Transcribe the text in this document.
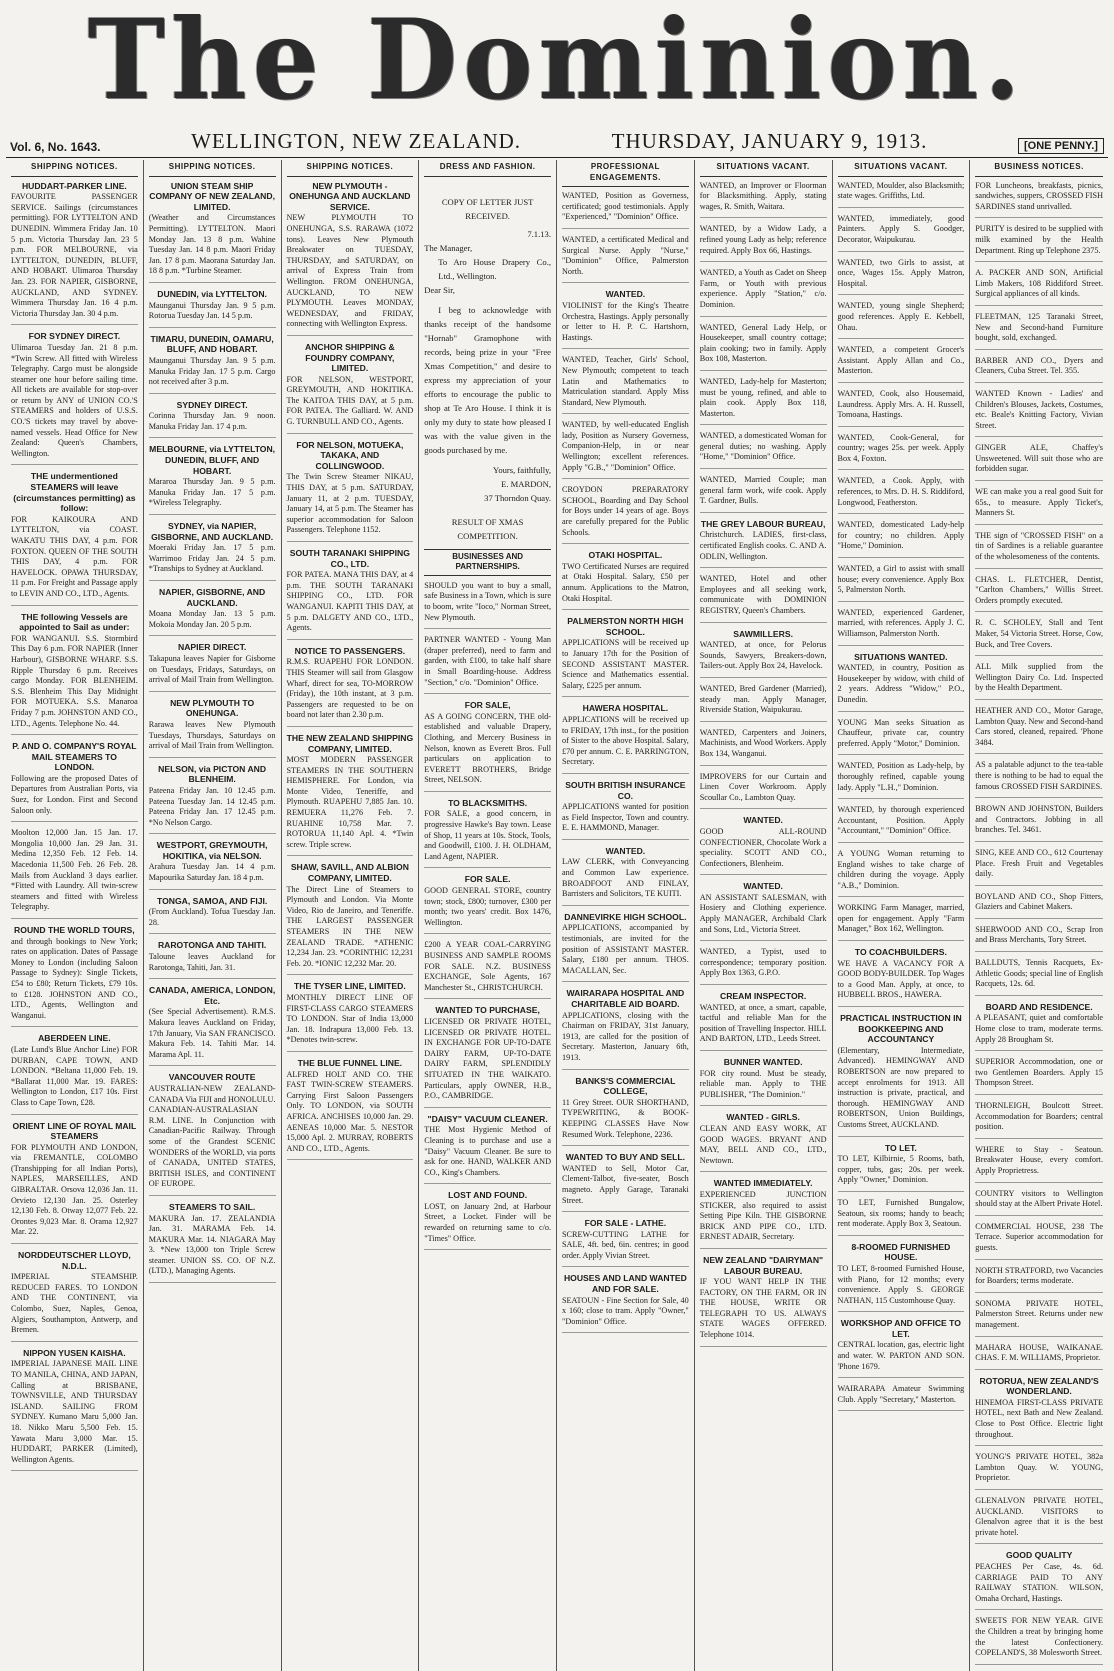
The Dominion.
Vol. 6, No. 1643.	WELLINGTON, NEW ZEALAND.	THURSDAY, JANUARY 9, 1913.	[ONE PENNY.]
SHIPPING NOTICES.
HUDDART-PARKER LINE.
FAVOURITE PASSENGER SERVICE. Sailings (circumstances permitting). FOR LYTTELTON AND DUNEDIN. Wimmera Friday Jan. 10 5 p.m. Victoria Thursday Jan. 23 5 p.m. FOR MELBOURNE, via LYTTELTON, DUNEDIN, BLUFF, AND HOBART. Ulimaroa Thursday Jan. 23. FOR NAPIER, GISBORNE, AUCKLAND, AND SYDNEY. Wimmera Thursday Jan. 16 4 p.m. Victoria Thursday Jan. 30 4 p.m.
FOR SYDNEY DIRECT.
Ulimaroa Tuesday Jan. 21 8 p.m. *Twin Screw. All fitted with Wireless Telegraphy. Cargo must be alongside steamer one hour before sailing time. All tickets are available for stop-over or return by ANY of UNION CO.'S STEAMERS and holders of U.S.S. CO.'S tickets may travel by above-named vessels. Head Office for New Zealand: Queen's Chambers, Wellington.
THE undermentioned STEAMERS will leave (circumstances permitting) as follow:
FOR KAIKOURA AND LYTTELTON, via COAST. WAKATU THIS DAY, 4 p.m. FOR FOXTON. QUEEN OF THE SOUTH THIS DAY, 4 p.m. FOR HAVELOCK. OPAWA THURSDAY, 11 p.m. For Freight and Passage apply to LEVIN AND CO., LTD., Agents.
THE following Vessels are appointed to Sail as under:
FOR WANGANUI. S.S. Stormbird This Day 6 p.m. FOR NAPIER (Inner Harbour), GISBORNE WHARF. S.S. Ripple Thursday 6 p.m. Receives cargo Monday. FOR BLENHEIM. S.S. Blenheim This Day Midnight FOR MOTUEKA. S.S. Manaroa Friday 7 p.m. JOHNSTON AND CO., LTD., Agents. Telephone No. 44.
P. AND O. COMPANY'S ROYAL MAIL STEAMERS TO LONDON.
Following are the proposed Dates of Departures from Australian Ports, via Suez, for London. First and Second Saloon only.
Moolton 12,000 Jan. 15 Jan. 17. Mongolia 10,000 Jan. 29 Jan. 31. Medina 12,350 Feb. 12 Feb. 14. Macedonia 11,500 Feb. 26 Feb. 28. Mails from Auckland 3 days earlier. *Fitted with Laundry. All twin-screw steamers and fitted with Wireless Telegraphy.
ROUND THE WORLD TOURS,
and through bookings to New York; rates on application. Dates of Passage Money to London (including Saloon Passage to Sydney): Single Tickets, £54 to £80; Return Tickets, £79 10s. to £128. JOHNSTON AND CO., LTD., Agents, Wellington and Wanganui.
ABERDEEN LINE.
(Late Lund's Blue Anchor Line) FOR DURBAN, CAPE TOWN, AND LONDON. *Beltana 11,000 Feb. 19. *Ballarat 11,000 Mar. 19. FARES: Wellington to London, £17 10s. First Class to Cape Town, £28.
ORIENT LINE OF ROYAL MAIL STEAMERS
FOR PLYMOUTH AND LONDON, via FREMANTLE, COLOMBO (Transhipping for all Indian Ports), NAPLES, MARSEILLES, AND GIBRALTAR. Orsova 12,036 Jan. 11. Orvieto 12,130 Jan. 25. Osterley 12,130 Feb. 8. Otway 12,077 Feb. 22. Orontes 9,023 Mar. 8. Orama 12,927 Mar. 22.
NORDDEUTSCHER LLOYD, N.D.L.
IMPERIAL STEAMSHIP. REDUCED FARES. TO LONDON AND THE CONTINENT, via Colombo, Suez, Naples, Genoa, Algiers, Southampton, Antwerp, and Bremen.
NIPPON YUSEN KAISHA.
IMPERIAL JAPANESE MAIL LINE TO MANILA, CHINA, AND JAPAN, Calling at BRISBANE, TOWNSVILLE, AND THURSDAY ISLAND. SAILING FROM SYDNEY. Kumano Maru 5,000 Jan. 18. Nikko Maru 5,500 Feb. 15. Yawata Maru 3,000 Mar. 15. HUDDART, PARKER (Limited), Wellington Agents.
SHIPPING NOTICES.
UNION STEAM SHIP COMPANY OF NEW ZEALAND, LIMITED.
(Weather and Circumstances Permitting). LYTTELTON. Maori Monday Jan. 13 8 p.m. Wahine Tuesday Jan. 14 8 p.m. Maori Friday Jan. 17 8 p.m. Maorana Saturday Jan. 18 8 p.m. *Turbine Steamer.
DUNEDIN, via LYTTELTON.
Maunganui Thursday Jan. 9 5 p.m. Rotorua Tuesday Jan. 14 5 p.m.
TIMARU, DUNEDIN, OAMARU, BLUFF, AND HOBART.
Maunganui Thursday Jan. 9 5 p.m. Manuka Friday Jan. 17 5 p.m. Cargo not received after 3 p.m.
SYDNEY DIRECT.
Corinna Thursday Jan. 9 noon. Manuka Friday Jan. 17 4 p.m.
MELBOURNE, via LYTTELTON, DUNEDIN, BLUFF, AND HOBART.
Mararoa Thursday Jan. 9 5 p.m. Manuka Friday Jan. 17 5 p.m. *Wireless Telegraphy.
SYDNEY, via NAPIER, GISBORNE, AND AUCKLAND.
Moeraki Friday Jan. 17 5 p.m. Warrimoo Friday Jan. 24 5 p.m. *Tranships to Sydney at Auckland.
NAPIER, GISBORNE, AND AUCKLAND.
Moana Monday Jan. 13 5 p.m. Mokoia Monday Jan. 20 5 p.m.
NAPIER DIRECT.
Takapuna leaves Napier for Gisborne on Tuesdays, Fridays, Saturdays, on arrival of Mail Train from Wellington.
NEW PLYMOUTH TO ONEHUNGA.
Rarawa leaves New Plymouth Tuesdays, Thursdays, Saturdays on arrival of Mail Train from Wellington.
NELSON, via PICTON AND BLENHEIM.
Pateena Friday Jan. 10 12.45 p.m. Pateena Tuesday Jan. 14 12.45 p.m. Pateena Friday Jan. 17 12.45 p.m. *No Nelson Cargo.
WESTPORT, GREYMOUTH, HOKITIKA, via NELSON.
Arahura Tuesday Jan. 14 4 p.m. Mapourika Saturday Jan. 18 4 p.m.
TONGA, SAMOA, AND FIJI.
(From Auckland). Tofua Tuesday Jan. 28.
RAROTONGA AND TAHITI.
Taloune leaves Auckland for Rarotonga, Tahiti, Jan. 31.
CANADA, AMERICA, LONDON, Etc.
(See Special Advertisement). R.M.S. Makura leaves Auckland on Friday, 17th January, Via SAN FRANCISCO. Makura Feb. 14. Tahiti Mar. 14. Marama Apl. 11.
VANCOUVER ROUTE
AUSTRALIAN-NEW ZEALAND-CANADA Via FIJI and HONOLULU. CANADIAN-AUSTRALASIAN R.M. LINE. In Conjunction with Canadian-Pacific Railway. Through some of the Grandest SCENIC WONDERS of the WORLD, via ports of CANADA, UNITED STATES, BRITISH ISLES, and CONTINENT OF EUROPE.
STEAMERS TO SAIL.
MAKURA Jan. 17. ZEALANDIA Jan. 31. MARAMA Feb. 14. MAKURA Mar. 14. NIAGARA May 3. *New 13,000 ton Triple Screw steamer. UNION SS. CO. OF N.Z. (LTD.), Managing Agents.
SHIPPING NOTICES.
NEW PLYMOUTH - ONEHUNGA AND AUCKLAND SERVICE.
NEW PLYMOUTH TO ONEHUNGA, S.S. RARAWA (1072 tons). Leaves New Plymouth Breakwater on TUESDAY, THURSDAY, and SATURDAY, on arrival of Express Train from Wellington. FROM ONEHUNGA, AUCKLAND, TO NEW PLYMOUTH. Leaves MONDAY, WEDNESDAY, and FRIDAY, connecting with Wellington Express.
ANCHOR SHIPPING & FOUNDRY COMPANY, LIMITED.
FOR NELSON, WESTPORT, GREYMOUTH, AND HOKITIKA. The KAITOA THIS DAY, at 5 p.m. FOR PATEA. The Galliard. W. AND G. TURNBULL AND CO., Agents.
FOR NELSON, MOTUEKA, TAKAKA, AND COLLINGWOOD.
The Twin Screw Steamer NIKAU, THIS DAY, at 5 p.m. SATURDAY, January 11, at 2 p.m. TUESDAY, January 14, at 5 p.m. The Steamer has superior accommodation for Saloon Passengers. Telephone 1152.
SOUTH TARANAKI SHIPPING CO., LTD.
FOR PATEA. MANA THIS DAY, at 4 p.m. THE SOUTH TARANAKI SHIPPING CO., LTD. FOR WANGANUI. KAPITI THIS DAY, at 5 p.m. DALGETY AND CO., LTD., Agents.
NOTICE TO PASSENGERS.
R.M.S. RUAPEHU FOR LONDON. THIS Steamer will sail from Glasgow Wharf, direct for sea, TO-MORROW (Friday), the 10th instant, at 3 p.m. Passengers are requested to be on board not later than 2.30 p.m.
THE NEW ZEALAND SHIPPING COMPANY, LIMITED.
MOST MODERN PASSENGER STEAMERS IN THE SOUTHERN HEMISPHERE. For London, via Monte Video, Teneriffe, and Plymouth. RUAPEHU 7,885 Jan. 10. REMUERA 11,276 Feb. 7. RUAHINE 10,758 Mar. 7. ROTORUA 11,140 Apl. 4. *Twin screw. Triple screw.
SHAW, SAVILL, AND ALBION COMPANY, LIMITED.
The Direct Line of Steamers to Plymouth and London. Via Monte Video, Rio de Janeiro, and Teneriffe. THE LARGEST PASSENGER STEAMERS IN THE NEW ZEALAND TRADE. *ATHENIC 12,234 Jan. 23. *CORINTHIC 12,231 Feb. 20. *IONIC 12,232 Mar. 20.
THE TYSER LINE, LIMITED.
MONTHLY DIRECT LINE OF FIRST-CLASS CARGO STEAMERS TO LONDON. Star of India 13,000 Jan. 18. Indrapura 13,000 Feb. 13. *Denotes twin-screw.
THE BLUE FUNNEL LINE.
ALFRED HOLT AND CO. THE FAST TWIN-SCREW STEAMERS. Carrying First Saloon Passengers Only. TO LONDON, via SOUTH AFRICA. ANCHISES 10,000 Jan. 29. AENEAS 10,000 Mar. 5. NESTOR 15,000 Apl. 2. MURRAY, ROBERTS AND CO., LTD., Agents.
DRESS AND FASHION.
COPY OF LETTER JUST RECEIVED.
7.1.13.
The Manager,
To Aro House Drapery Co., Ltd., Wellington.
Dear Sir,

I beg to acknowledge with thanks receipt of the handsome "Hornab" Gramophone with records, being prize in your "Free Xmas Competition," and desire to express my appreciation of your efforts to encourage the public to shop at Te Aro House. I think it is only my duty to state how pleased I was with the value given in the goods purchased by me.

Yours, faithfully,
E. MARDON,
37 Thorndon Quay.
RESULT OF XMAS COMPETITION.
BUSINESSES AND PARTNERSHIPS.
SHOULD you want to buy a small, safe Business in a Town, which is sure to boom, write "Ioco," Norman Street, New Plymouth.
PARTNER WANTED - Young Man (draper preferred), need to farm and garden, with £100, to take half share in Small Boarding-house. Address "Section," c/o. "Dominion" Office.
FOR SALE,
AS A GOING CONCERN, THE old-established and valuable Drapery, Clothing, and Mercery Business in Nelson, known as Everett Bros. Full particulars on application to EVERETT BROTHERS, Bridge Street, NELSON.
TO BLACKSMITHS.
FOR SALE, a good concern, in progressive Hawke's Bay town. Lease of Shop, 11 years at 10s. Stock, Tools, and Goodwill, £100. J. H. OLDHAM, Land Agent, NAPIER.
FOR SALE.
GOOD GENERAL STORE, country town; stock, £800; turnover, £300 per month; two years' credit. Box 1476, Wellington.
£200 A YEAR COAL-CARRYING BUSINESS AND SAMPLE ROOMS FOR SALE. N.Z. BUSINESS EXCHANGE, Sole Agents, 167 Manchester St., CHRISTCHURCH.
WANTED TO PURCHASE,
LICENSED OR PRIVATE HOTEL, LICENSED OR PRIVATE HOTEL. IN EXCHANGE FOR UP-TO-DATE DAIRY FARM, UP-TO-DATE DAIRY FARM, SPLENDIDLY SITUATED IN THE WAIKATO. Particulars, apply OWNER, H.B., P.O., CAMBRIDGE.
"DAISY" VACUUM CLEANER.
THE Most Hygienic Method of Cleaning is to purchase and use a "Daisy" Vacuum Cleaner. Be sure to ask for one. HAND, WALKER AND CO., King's Chambers.
LOST AND FOUND.
LOST, on January 2nd, at Harbour Street, a Locket. Finder will be rewarded on returning same to c/o. "Times" Office.
PROFESSIONAL ENGAGEMENTS.
WANTED, Position as Governess, certificated; good testimonials. Apply "Experienced," "Dominion" Office.
WANTED, a certificated Medical and Surgical Nurse. Apply "Nurse," "Dominion" Office, Palmerston North.
WANTED.
VIOLINIST for the King's Theatre Orchestra, Hastings. Apply personally or letter to H. P. C. Hartshorn, Hastings.
WANTED, Teacher, Girls' School, New Plymouth; competent to teach Latin and Mathematics to Matriculation standard. Apply Miss Standard, New Plymouth.
WANTED, by well-educated English lady, Position as Nursery Governess, Companion-Help, in or near Wellington; excellent references. Apply "G.B.," "Dominion" Office.
CROYDON PREPARATORY SCHOOL, Boarding and Day School for Boys under 14 years of age. Boys are carefully prepared for the Public Schools.
OTAKI HOSPITAL.
TWO Certificated Nurses are required at Otaki Hospital. Salary, £50 per annum. Applications to the Matron, Otaki Hospital.
PALMERSTON NORTH HIGH SCHOOL.
APPLICATIONS will be received up to January 17th for the Position of SECOND ASSISTANT MASTER. Science and Mathematics essential. Salary, £225 per annum.
HAWERA HOSPITAL.
APPLICATIONS will be received up to FRIDAY, 17th inst., for the position of Sister to the above Hospital. Salary, £70 per annum. C. E. PARRINGTON, Secretary.
SOUTH BRITISH INSURANCE CO.
APPLICATIONS wanted for position as Field Inspector, Town and country. E. E. HAMMOND, Manager.
WANTED.
LAW CLERK, with Conveyancing and Common Law experience. BROADFOOT AND FINLAY, Barristers and Solicitors, TE KUITI.
DANNEVIRKE HIGH SCHOOL.
APPLICATIONS, accompanied by testimonials, are invited for the position of ASSISTANT MASTER. Salary, £180 per annum. THOS. MACALLAN, Sec.
WAIRARAPA HOSPITAL AND CHARITABLE AID BOARD.
APPLICATIONS, closing with the Chairman on FRIDAY, 31st January, 1913, are called for the position of Secretary. Masterton, January 6th, 1913.
BANKS'S COMMERCIAL COLLEGE,
11 Grey Street. OUR SHORTHAND, TYPEWRITING, & BOOK-KEEPING CLASSES Have Now Resumed Work. Telephone, 2236.
WANTED TO BUY AND SELL.
WANTED to Sell, Motor Car, Clement-Talbot, five-seater, Bosch magneto. Apply Garage, Taranaki Street.
FOR SALE - LATHE.
SCREW-CUTTING LATHE for SALE, 4ft. bed, 6in. centres; in good order. Apply Vivian Street.
HOUSES AND LAND WANTED AND FOR SALE.
SEATOUN - Fine Section for Sale, 40 x 160; close to tram. Apply "Owner," "Dominion" Office.
SITUATIONS VACANT.
WANTED, an Improver or Floorman for Blacksmithing. Apply, stating wages, R. Smith, Waitara.
WANTED, by a Widow Lady, a refined young Lady as help; reference required. Apply Box 66, Hastings.
WANTED, a Youth as Cadet on Sheep Farm, or Youth with previous experience. Apply "Station," c/o. Dominion.
WANTED, General Lady Help, or Housekeeper, small country cottage; plain cooking; two in family. Apply Box 108, Masterton.
WANTED, Lady-help for Masterton; must be young, refined, and able to plain cook. Apply Box 118, Masterton.
WANTED, a domesticated Woman for general duties; no washing. Apply "Home," "Dominion" Office.
WANTED, Married Couple; man general farm work, wife cook. Apply T. Gardner, Bulls.
THE GREY LABOUR BUREAU,
Christchurch. LADIES, first-class, certificated English cooks. C. AND A. ODLIN, Wellington.
WANTED, Hotel and other Employees and all seeking work, communicate with DOMINION REGISTRY, Queen's Chambers.
SAWMILLERS.
WANTED, at once, for Pelorus Sounds, Sawyers, Breakers-down, Tailers-out. Apply Box 24, Havelock.
WANTED, Bred Gardener (Married), steady man. Apply Manager, Riverside Station, Waipukurau.
WANTED, Carpenters and Joiners, Machinists, and Wood Workers. Apply Box 134, Wanganui.
IMPROVERS for our Curtain and Linen Cover Workroom. Apply Scoullar Co., Lambton Quay.
WANTED.
GOOD ALL-ROUND CONFECTIONER, Chocolate Work a speciality. SCOTT AND CO., Confectioners, Blenheim.
WANTED.
AN ASSISTANT SALESMAN, with Hosiery and Clothing experience. Apply MANAGER, Archibald Clark and Sons, Ltd., Victoria Street.
WANTED, a Typist, used to correspondence; temporary position. Apply Box 1363, G.P.O.
CREAM INSPECTOR.
WANTED, at once, a smart, capable, tactful and reliable Man for the position of Travelling Inspector. HILL AND BARTON, LTD., Leeds Street.
BUNNER WANTED.
FOR city round. Must be steady, reliable man. Apply to THE PUBLISHER, "The Dominion."
WANTED - GIRLS.
CLEAN AND EASY WORK, AT GOOD WAGES. BRYANT AND MAY, BELL AND CO., LTD., Newtown.
WANTED IMMEDIATELY.
EXPERIENCED JUNCTION STICKER, also required to assist Setting Pipe Kiln. THE GISBORNE BRICK AND PIPE CO., LTD. ERNEST ADAIR, Secretary.
NEW ZEALAND "DAIRYMAN" LABOUR BUREAU.
IF YOU WANT HELP IN THE FACTORY, ON THE FARM, OR IN THE HOUSE, WRITE OR TELEGRAPH TO US. ALWAYS STATE WAGES OFFERED. Telephone 1014.
SITUATIONS VACANT.
WANTED, Moulder, also Blacksmith; state wages. Griffiths, Ltd.
WANTED, immediately, good Painters. Apply S. Goodger, Decorator, Waipukurau.
WANTED, two Girls to assist, at once, Wages 15s. Apply Matron, Hospital.
WANTED, young single Shepherd; good references. Apply E. Kebbell, Ohau.
WANTED, a competent Grocer's Assistant. Apply Allan and Co., Masterton.
WANTED, Cook, also Housemaid, Laundress. Apply Mrs. A. H. Russell, Tomoana, Hastings.
WANTED, Cook-General, for country; wages 25s. per week. Apply Box 4, Foxton.
WANTED, a Cook. Apply, with references, to Mrs. D. H. S. Riddiford, Longwood, Featherston.
WANTED, domesticated Lady-help for country; no children. Apply "Home," Dominion.
WANTED, a Girl to assist with small house; every convenience. Apply Box 5, Palmerston North.
WANTED, experienced Gardener, married, with references. Apply J. C. Williamson, Palmerston North.
SITUATIONS WANTED.
WANTED, in country, Position as Housekeeper by widow, with child of 2 years. Address "Widow," P.O., Dunedin.
YOUNG Man seeks Situation as Chauffeur, private car, country preferred. Apply "Motor," Dominion.
WANTED, Position as Lady-help, by thoroughly refined, capable young lady. Apply "L.H.," Dominion.
WANTED, by thorough experienced Accountant, Position. Apply "Accountant," "Dominion" Office.
A YOUNG Woman returning to England wishes to take charge of children during the voyage. Apply "A.B.," Dominion.
WORKING Farm Manager, married, open for engagement. Apply "Farm Manager," Box 162, Wellington.
TO COACHBUILDERS.
WE HAVE A VACANCY FOR A GOOD BODY-BUILDER. Top Wages to a Good Man. Apply, at once, to HUBBELL BROS., HAWERA.
PRACTICAL INSTRUCTION IN BOOKKEEPING AND ACCOUNTANCY
(Elementary, Intermediate, Advanced). HEMINGWAY AND ROBERTSON are now prepared to accept enrolments for 1913. All instruction is private, practical, and thorough. HEMINGWAY AND ROBERTSON, Union Buildings, Customs Street, AUCKLAND.
TO LET.
TO LET, Kilbirnie, 5 Rooms, bath, copper, tubs, gas; 20s. per week. Apply "Owner," Dominion.
TO LET, Furnished Bungalow, Seatoun, six rooms; handy to beach; rent moderate. Apply Box 3, Seatoun.
8-ROOMED FURNISHED HOUSE.
TO LET, 8-roomed Furnished House, with Piano, for 12 months; every convenience. Apply S. GEORGE NATHAN, 115 Customhouse Quay.
WORKSHOP AND OFFICE TO LET.
CENTRAL location, gas, electric light and water. W. PARTON AND SON. 'Phone 1679.
WAIRARAPA Amateur Swimming Club. Apply "Secretary," Masterton.
BUSINESS NOTICES.
FOR Luncheons, breakfasts, picnics, sandwiches, suppers, CROSSED FISH SARDINES stand unrivalled.
PURITY is desired to be supplied with milk examined by the Health Department. Ring up Telephone 2375.
A. PACKER AND SON, Artificial Limb Makers, 108 Riddiford Street. Surgical appliances of all kinds.
FLEETMAN, 125 Taranaki Street, New and Second-hand Furniture bought, sold, exchanged.
BARBER AND CO., Dyers and Cleaners, Cuba Street. Tel. 355.
WANTED Known - Ladies' and Children's Blouses, Jackets, Costumes, etc. Beale's Knitting Factory, Vivian Street.
GINGER ALE, Chaffey's Unsweetened. Will suit those who are forbidden sugar.
WE can make you a real good Suit for 65s., to measure. Apply Ticket's, Manners St.
THE sign of "CROSSED FISH" on a tin of Sardines is a reliable guarantee of the wholesomeness of the contents.
CHAS. L. FLETCHER, Dentist, "Carlton Chambers," Willis Street. Orders promptly executed.
R. C. SCHOLEY, Stall and Tent Maker, 54 Victoria Street. Horse, Cow, Buck, and Tree Covers.
ALL Milk supplied from the Wellington Dairy Co. Ltd. Inspected by the Health Department.
HEATHER AND CO., Motor Garage, Lambton Quay. New and Second-hand Cars stored, cleaned, repaired. 'Phone 3484.
AS a palatable adjunct to the tea-table there is nothing to be had to equal the famous CROSSED FISH SARDINES.
BROWN AND JOHNSTON, Builders and Contractors. Jobbing in all branches. Tel. 3461.
SING, KEE AND CO., 612 Courtenay Place. Fresh Fruit and Vegetables daily.
BOYLAND AND CO., Shop Fitters, Glaziers and Cabinet Makers.
SHERWOOD AND CO., Scrap Iron and Brass Merchants, Tory Street.
BALLDUTS, Tennis Racquets, Ex-Athletic Goods; special line of English Racquets, 12s. 6d.
BOARD AND RESIDENCE.
A PLEASANT, quiet and comfortable Home close to tram, moderate terms. Apply 28 Brougham St.
SUPERIOR Accommodation, one or two Gentlemen Boarders. Apply 15 Thompson Street.
THORNLEIGH, Boulcott Street. Accommodation for Boarders; central position.
WHERE to Stay - Seatoun. Breakwater House, every comfort. Apply Proprietress.
COUNTRY visitors to Wellington should stay at the Albert Private Hotel.
COMMERCIAL HOUSE, 238 The Terrace. Superior accommodation for guests.
NORTH STRATFORD, two Vacancies for Boarders; terms moderate.
SONOMA PRIVATE HOTEL, Palmerston Street. Returns under new management.
MAHARA HOUSE, WAIKANAE. CHAS. F. M. WILLIAMS, Proprietor.
ROTORUA, NEW ZEALAND'S WONDERLAND.
HINEMOA FIRST-CLASS PRIVATE HOTEL, next Bath and New Zealand. Close to Post Office. Electric light throughout.
YOUNG'S PRIVATE HOTEL, 382a Lambton Quay. W. YOUNG, Proprietor.
GLENALVON PRIVATE HOTEL, AUCKLAND. VISITORS to Glenalvon agree that it is the best private hotel.
GOOD QUALITY
PEACHES Per Case, 4s. 6d. CARRIAGE PAID TO ANY RAILWAY STATION. WILSON, Omaha Orchard, Hastings.
SWEETS FOR NEW YEAR. GIVE the Children a treat by bringing home the latest Confectionery. COPELAND'S, 38 Molesworth Street.
